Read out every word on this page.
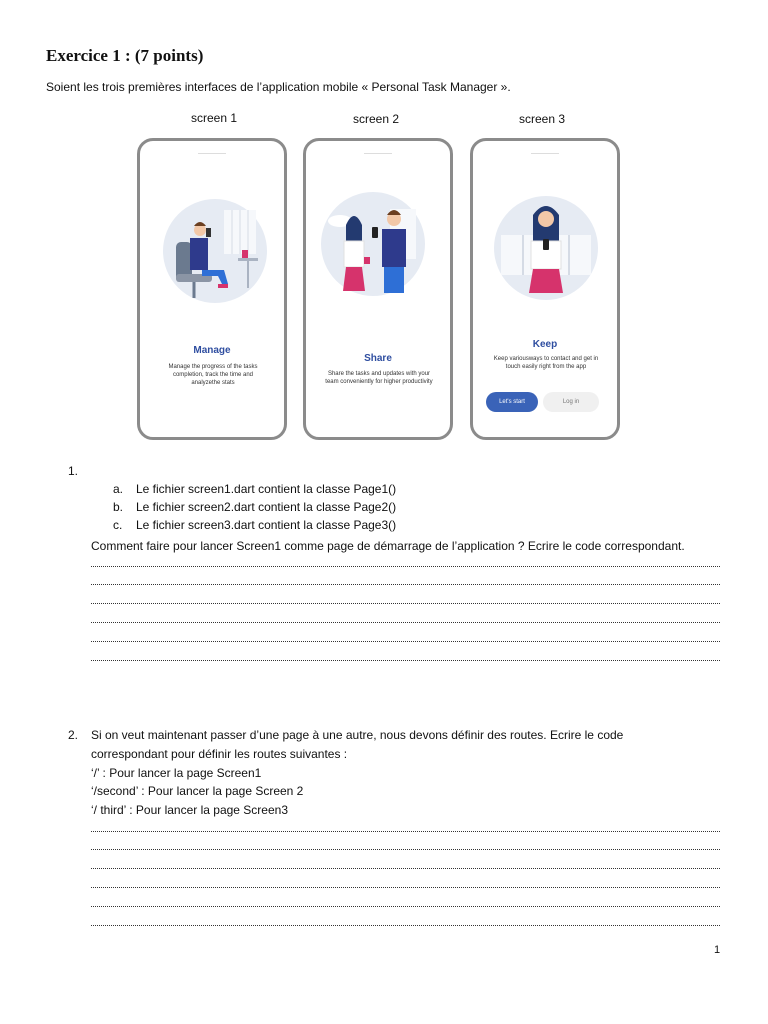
Exercice 1 : (7 points)
Soient les trois premières interfaces de l’application mobile « Personal Task Manager ».
screen 1	screen 2	screen 3
Manage
Manage the progress of the tasks completion, track the time and analyzethe stats
Share
Share the tasks and updates with your team conveniently for higher productivity
Keep
Keep variousways to contact and get in touch easily right from the app
Let's start	Log in
1.
a. Le fichier screen1.dart contient la classe Page1()
b. Le fichier screen2.dart contient la classe Page2()
c. Le fichier screen3.dart contient la classe Page3()
Comment faire pour lancer Screen1 comme page de démarrage de l’application ? Ecrire le code correspondant.
2. Si on veut maintenant passer d’une page à une autre, nous devons définir des routes. Ecrire le code
correspondant pour définir les routes suivantes :
‘/’ : Pour lancer la page Screen1
‘/second’ : Pour lancer la page Screen 2
‘/ third’ : Pour lancer la page Screen3
1
